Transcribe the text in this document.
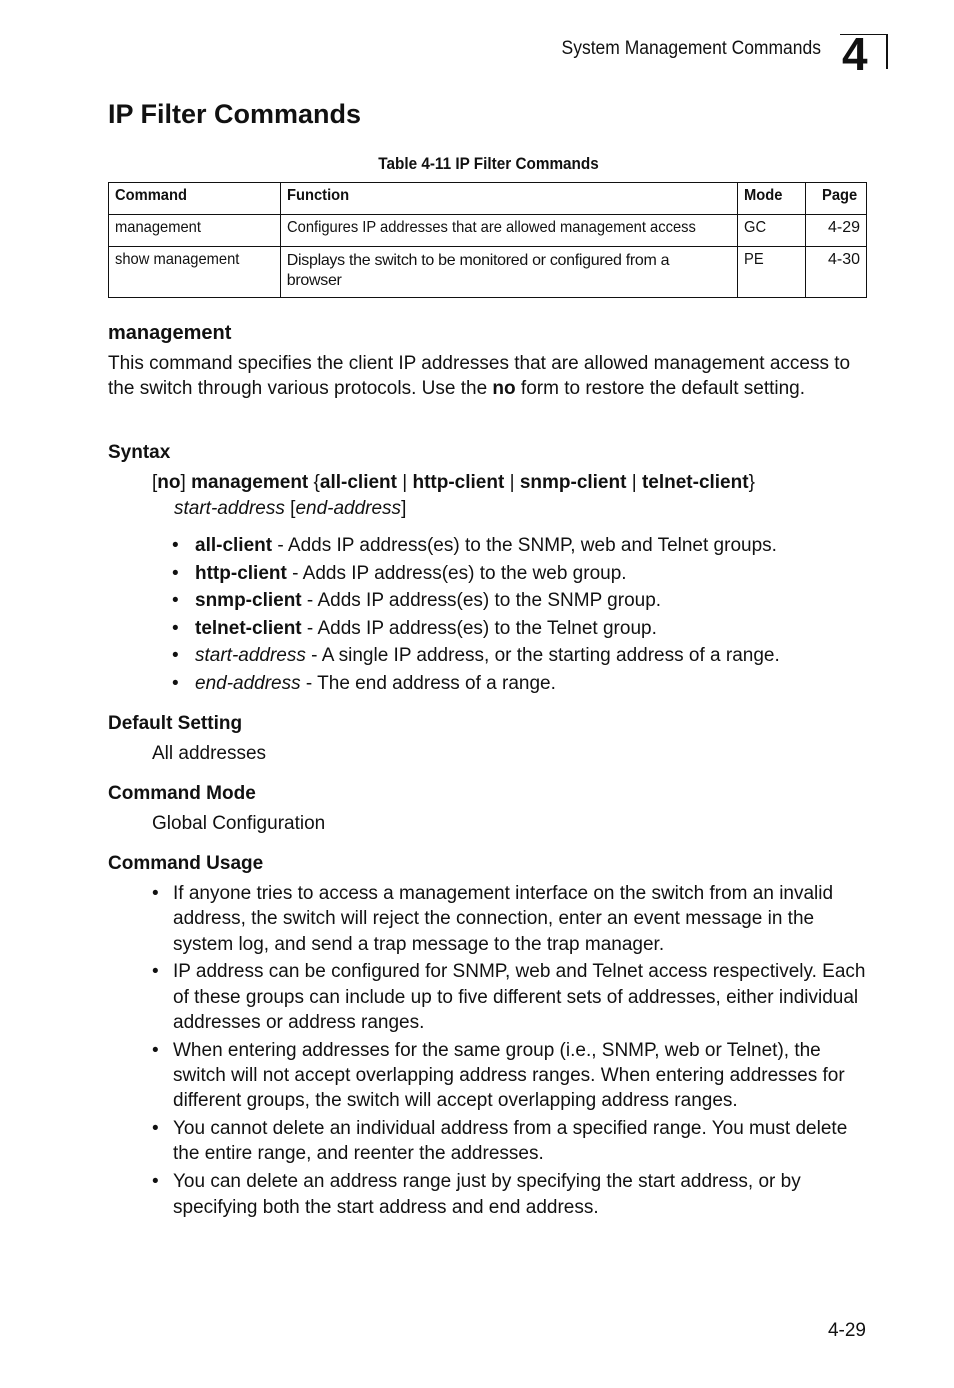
System Management Commands 4
IP Filter Commands
Table 4-11 IP Filter Commands
Command	Function	Mode	Page
management	Configures IP addresses that are allowed management access	GC	4-29
show management	Displays the switch to be monitored or configured from a browser	PE	4-30
management
This command specifies the client IP addresses that are allowed management access to the switch through various protocols. Use the no form to restore the default setting.
Syntax
[no] management {all-client | http-client | snmp-client | telnet-client}
start-address [end-address]
• all-client - Adds IP address(es) to the SNMP, web and Telnet groups.
• http-client - Adds IP address(es) to the web group.
• snmp-client - Adds IP address(es) to the SNMP group.
• telnet-client - Adds IP address(es) to the Telnet group.
• start-address - A single IP address, or the starting address of a range.
• end-address - The end address of a range.
Default Setting
All addresses
Command Mode
Global Configuration
Command Usage
• If anyone tries to access a management interface on the switch from an invalid address, the switch will reject the connection, enter an event message in the system log, and send a trap message to the trap manager.
• IP address can be configured for SNMP, web and Telnet access respectively. Each of these groups can include up to five different sets of addresses, either individual addresses or address ranges.
• When entering addresses for the same group (i.e., SNMP, web or Telnet), the switch will not accept overlapping address ranges. When entering addresses for different groups, the switch will accept overlapping address ranges.
• You cannot delete an individual address from a specified range. You must delete the entire range, and reenter the addresses.
• You can delete an address range just by specifying the start address, or by specifying both the start address and end address.
4-29
